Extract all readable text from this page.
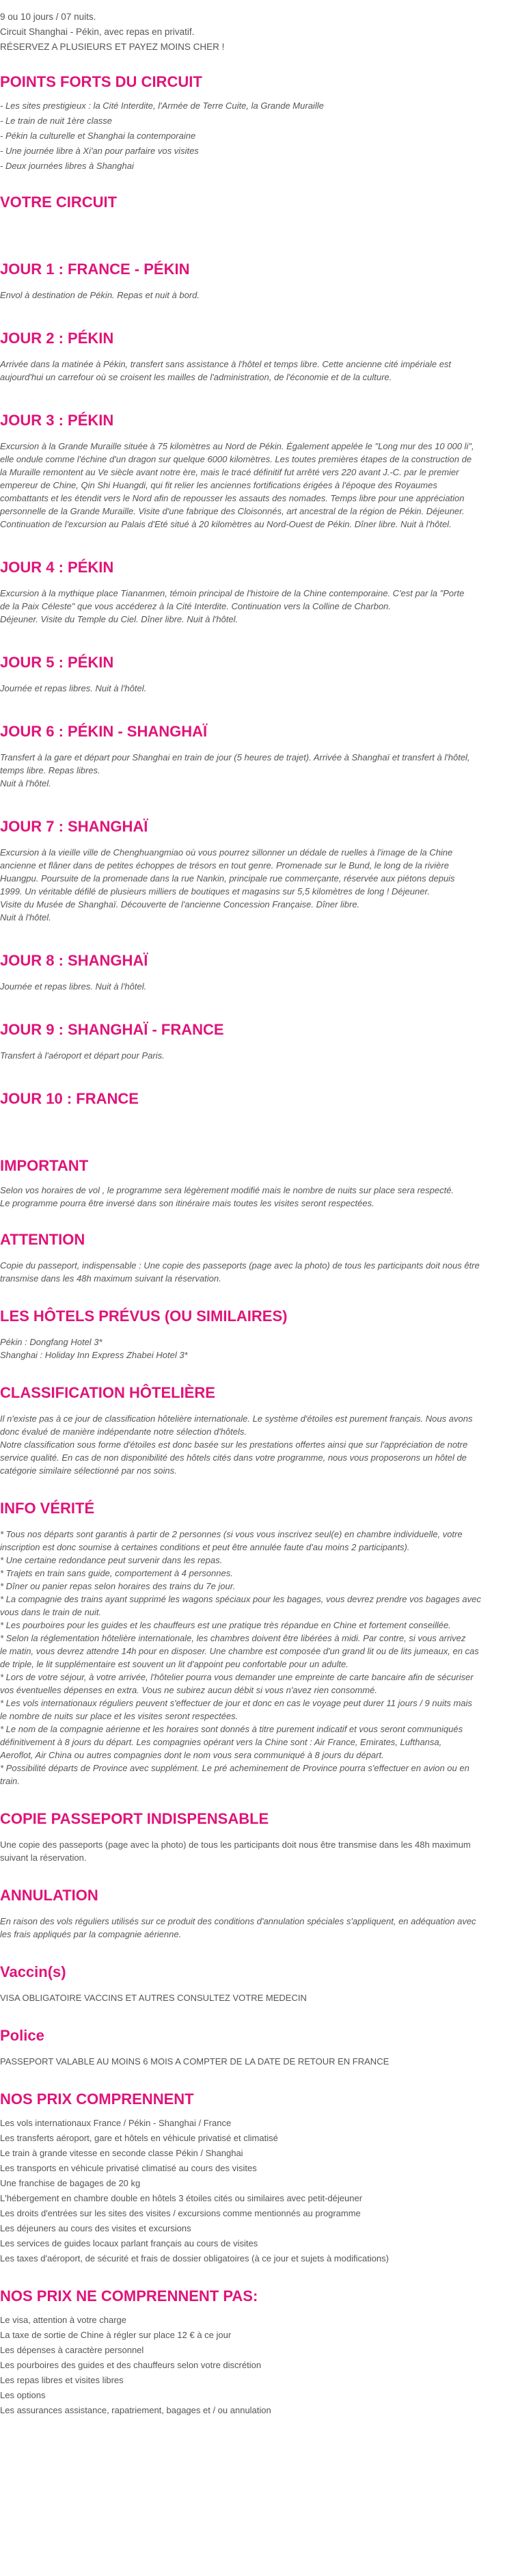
9 ou 10 jours / 07 nuits.
Circuit Shanghai - Pékin, avec repas en privatif.
RÉSERVEZ A PLUSIEURS ET PAYEZ MOINS CHER !
POINTS FORTS DU CIRCUIT
- Les sites prestigieux : la Cité Interdite, l'Armée de Terre Cuite, la Grande Muraille
- Le train de nuit 1ère classe
- Pékin la culturelle et Shanghai la contemporaine
- Une journée libre à Xi'an pour parfaire vos visites
- Deux journées libres à Shanghai
VOTRE CIRCUIT
JOUR 1 : FRANCE - PÉKIN

Envol à destination de Pékin. Repas et nuit à bord.

JOUR 2 : PÉKIN

Arrivée dans la matinée à Pékin, transfert sans assistance à l'hôtel et temps libre. Cette ancienne cité impériale est
aujourd'hui un carrefour où se croisent les mailles de l'administration, de l'économie et de la culture.

JOUR 3 : PÉKIN

Excursion à la Grande Muraille située à 75 kilomètres au Nord de Pékin. Également appelée le "Long mur des 10 000 li",
elle ondule comme l'échine d'un dragon sur quelque 6000 kilomètres. Les toutes premières étapes de la construction de
la Muraille remontent au Ve siècle avant notre ère, mais le tracé définitif fut arrêté vers 220 avant J.-C. par le premier
empereur de Chine, Qin Shi Huangdi, qui fit relier les anciennes fortifications érigées à l'époque des Royaumes
combattants et les étendit vers le Nord afin de repousser les assauts des nomades. Temps libre pour une appréciation
personnelle de la Grande Muraille. Visite d'une fabrique des Cloisonnés, art ancestral de la région de Pékin. Déjeuner.
Continuation de l'excursion au Palais d'Eté situé à 20 kilomètres au Nord-Ouest de Pékin. Dîner libre. Nuit à l'hôtel.

JOUR 4 : PÉKIN

Excursion à la mythique place Tiananmen, témoin principal de l'histoire de la Chine contemporaine. C'est par la "Porte
de la Paix Céleste" que vous accéderez à la Cité Interdite. Continuation vers la Colline de Charbon.
Déjeuner. Visite du Temple du Ciel. Dîner libre. Nuit à l'hôtel.

JOUR 5 : PÉKIN

Journée et repas libres. Nuit à l'hôtel.

JOUR 6 : PÉKIN - SHANGHAÏ

Transfert à la gare et départ pour Shanghai en train de jour (5 heures de trajet). Arrivée à Shanghaï et transfert à l'hôtel,
temps libre. Repas libres.
Nuit à l'hôtel.

JOUR 7 : SHANGHAÏ

Excursion à la vieille ville de Chenghuangmiao où vous pourrez sillonner un dédale de ruelles à l'image de la Chine
ancienne et flâner dans de petites échoppes de trésors en tout genre. Promenade sur le Bund, le long de la rivière
Huangpu. Poursuite de la promenade dans la rue Nankin, principale rue commerçante, réservée aux piétons depuis
1999. Un véritable défilé de plusieurs milliers de boutiques et magasins sur 5,5 kilomètres de long ! Déjeuner.
Visite du Musée de Shanghaï. Découverte de l'ancienne Concession Française. Dîner libre.
Nuit à l'hôtel.

JOUR 8 : SHANGHAÏ

Journée et repas libres. Nuit à l'hôtel.

JOUR 9 : SHANGHAÏ - FRANCE

Transfert à l'aéroport et départ pour Paris.

JOUR 10 : FRANCE
IMPORTANT

Selon vos horaires de vol , le programme sera légèrement modifié mais le nombre de nuits sur place sera respecté.
Le programme pourra être inversé dans son itinéraire mais toutes les visites seront respectées.

ATTENTION

Copie du passeport, indispensable : Une copie des passeports (page avec la photo) de tous les participants doit nous être
transmise dans les 48h maximum suivant la réservation.

LES HÔTELS PRÉVUS (OU SIMILAIRES)

Pékin : Dongfang Hotel 3*
Shanghai : Holiday Inn Express Zhabei Hotel 3*

CLASSIFICATION HÔTELIÈRE

Il n'existe pas à ce jour de classification hôtelière internationale. Le système d'étoiles est purement français. Nous avons
donc évalué de manière indépendante notre sélection d'hôtels.
Notre classification sous forme d'étoiles est donc basée sur les prestations offertes ainsi que sur l'appréciation de notre
service qualité. En cas de non disponibilité des hôtels cités dans votre programme, nous vous proposerons un hôtel de
catégorie similaire sélectionné par nos soins.

INFO VÉRITÉ

* Tous nos départs sont garantis à partir de 2 personnes (si vous vous inscrivez seul(e) en chambre individuelle, votre
inscription est donc soumise à certaines conditions et peut être annulée faute d'au moins 2 participants).
* Une certaine redondance peut survenir dans les repas.
* Trajets en train sans guide, comportement à 4 personnes.
* Dîner ou panier repas selon horaires des trains du 7e jour.
* La compagnie des trains ayant supprimé les wagons spéciaux pour les bagages, vous devrez prendre vos bagages avec
vous dans le train de nuit.
* Les pourboires pour les guides et les chauffeurs est une pratique très répandue en Chine et fortement conseillée.
* Selon la réglementation hôtelière internationale, les chambres doivent être libérées à midi. Par contre, si vous arrivez
le matin, vous devrez attendre 14h pour en disposer. Une chambre est composée d'un grand lit ou de lits jumeaux, en cas
de triple, le lit supplémentaire est souvent un lit d'appoint peu confortable pour un adulte.
* Lors de votre séjour, à votre arrivée, l'hôtelier pourra vous demander une empreinte de carte bancaire afin de sécuriser
vos éventuelles dépenses en extra. Vous ne subirez aucun débit si vous n'avez rien consommé.
* Les vols internationaux réguliers peuvent s'effectuer de jour et donc en cas le voyage peut durer 11 jours / 9 nuits mais
le nombre de nuits sur place et les visites seront respectées.
* Le nom de la compagnie aérienne et les horaires sont donnés à titre purement indicatif et vous seront communiqués
définitivement à 8 jours du départ. Les compagnies opérant vers la Chine sont : Air France, Emirates, Lufthansa,
Aeroflot, Air China ou autres compagnies dont le nom vous sera communiqué à 8 jours du départ.
* Possibilité départs de Province avec supplément. Le pré acheminement de Province pourra s'effectuer en avion ou en
train.

COPIE PASSEPORT INDISPENSABLE

Une copie des passeports (page avec la photo) de tous les participants doit nous être transmise dans les 48h maximum
suivant la réservation.

ANNULATION

En raison des vols réguliers utilisés sur ce produit des conditions d'annulation spéciales s'appliquent, en adéquation avec
les frais appliqués par la compagnie aérienne.

Vaccin(s)

VISA OBLIGATOIRE VACCINS ET AUTRES CONSULTEZ VOTRE MEDECIN

Police

PASSEPORT VALABLE AU MOINS 6 MOIS A COMPTER DE LA DATE DE RETOUR EN FRANCE

NOS PRIX COMPRENNENT
Les vols internationaux France / Pékin - Shanghai / France
Les transferts aéroport, gare et hôtels en véhicule privatisé et climatisé
Le train à grande vitesse en seconde classe Pékin / Shanghai
Les transports en véhicule privatisé climatisé au cours des visites
Une franchise de bagages de 20 kg
L'hébergement en chambre double en hôtels 3 étoiles cités ou similaires avec petit-déjeuner
Les droits d'entrées sur les sites des visites / excursions comme mentionnés au programme
Les déjeuners au cours des visites et excursions
Les services de guides locaux parlant français au cours de visites
Les taxes d'aéroport, de sécurité et frais de dossier obligatoires (à ce jour et sujets à modifications)
NOS PRIX NE COMPRENNENT PAS:
Le visa, attention à votre charge
La taxe de sortie de Chine à régler sur place 12 € à ce jour
Les dépenses à caractère personnel
Les pourboires des guides et des chauffeurs selon votre discrétion
Les repas libres et visites libres
Les options
Les assurances assistance, rapatriement, bagages et / ou annulation
